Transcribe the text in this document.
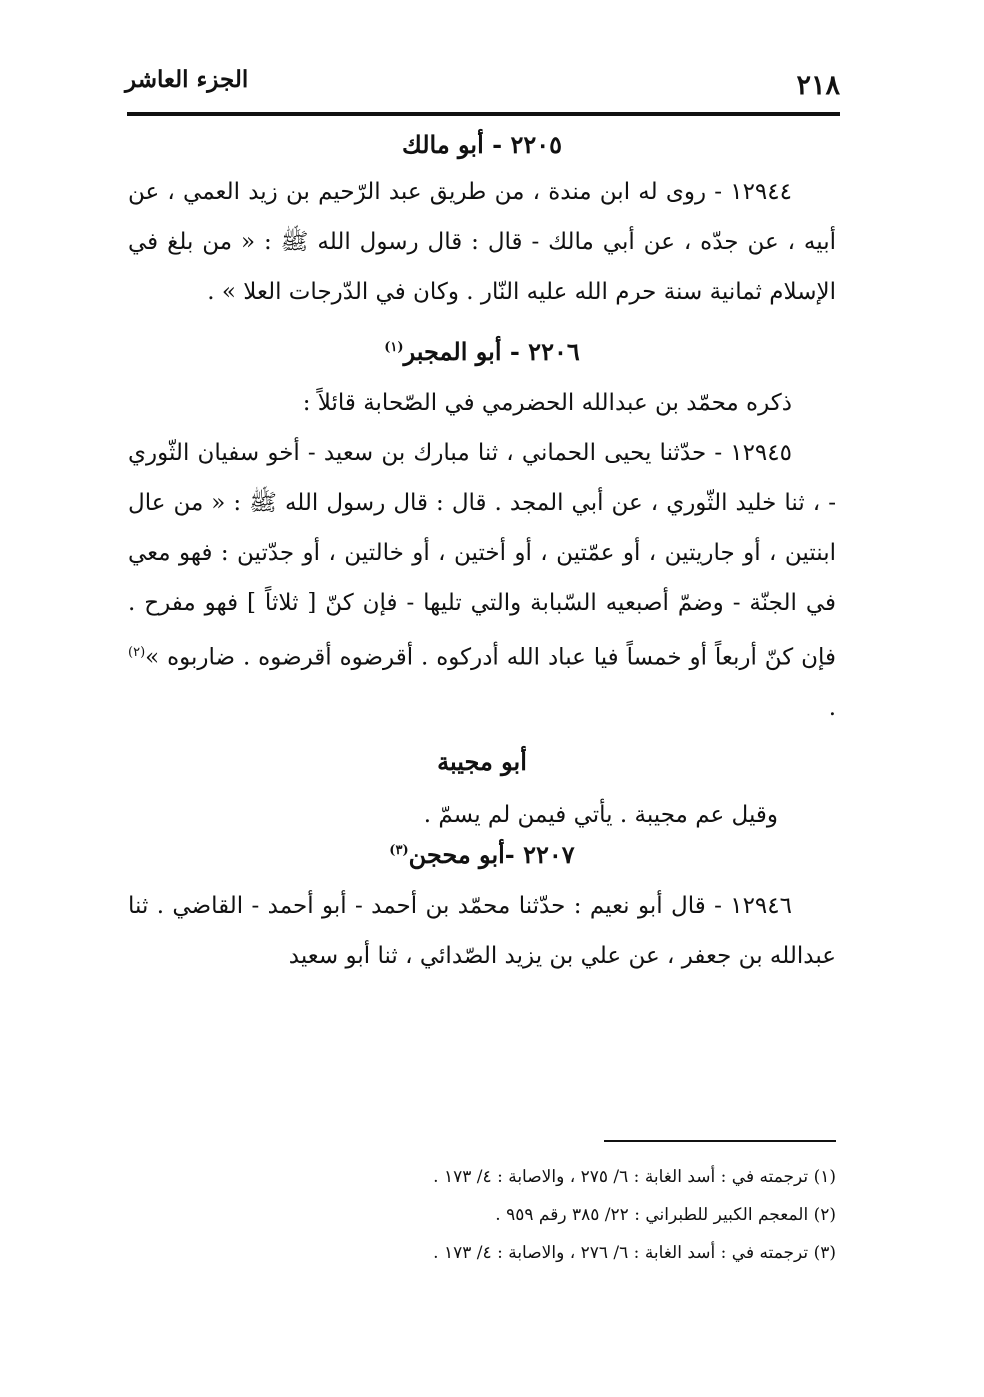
٢١٨
الجزء العاشر

٢٢٠٥ - أبو مالك

١٢٩٤٤ - روى له ابن مندة ، من طريق عبد الرّحيم بن زيد العمي ، عن أبيه ، عن جدّه ، عن أبي مالك - قال : قال رسول الله ﷺ : « من بلغ في الإسلام ثمانية سنة حرم الله عليه النّار . وكان في الدّرجات العلا » .

٢٢٠٦ - أبو المجبر$^{(١)}$

ذكره محمّد بن عبدالله الحضرمي في الصّحابة قائلاً :

١٢٩٤٥ - حدّثنا يحيى الحماني ، ثنا مبارك بن سعيد - أخو سفيان الثّوري - ، ثنا خليد الثّوري ، عن أبي المجد . قال : قال رسول الله ﷺ : « من عال ابنتين ، أو جاريتين ، أو عمّتين ، أو أختين ، أو خالتين ، أو جدّتين : فهو معي في الجنّة - وضمّ أصبعيه السّبابة والتي تليها - فإن كنّ [ ثلاثاً ] فهو مفرح . فإن كنّ أربعاً أو خمساً فيا عباد الله أدركوه . أقرضوه أقرضوه . ضاربوه »$^{(٢)}$ .

أبو مجيبة

وقيل عم مجيبة . يأتي فيمن لم يسمّ .

٢٢٠٧ -أبو محجن$^{(٣)}$

١٢٩٤٦ - قال أبو نعيم : حدّثنا محمّد بن أحمد - أبو أحمد - القاضي . ثنا عبدالله بن جعفر ، عن علي بن يزيد الصّدائي ، ثنا أبو سعيد

(١) ترجمته في : أسد الغابة : ٦/ ٢٧٥ ، والاصابة : ٤/ ١٧٣ .
(٢) المعجم الكبير للطبراني : ٢٢/ ٣٨٥ رقم ٩٥٩ .
(٣) ترجمته في : أسد الغابة : ٦/ ٢٧٦ ، والاصابة : ٤/ ١٧٣ .
